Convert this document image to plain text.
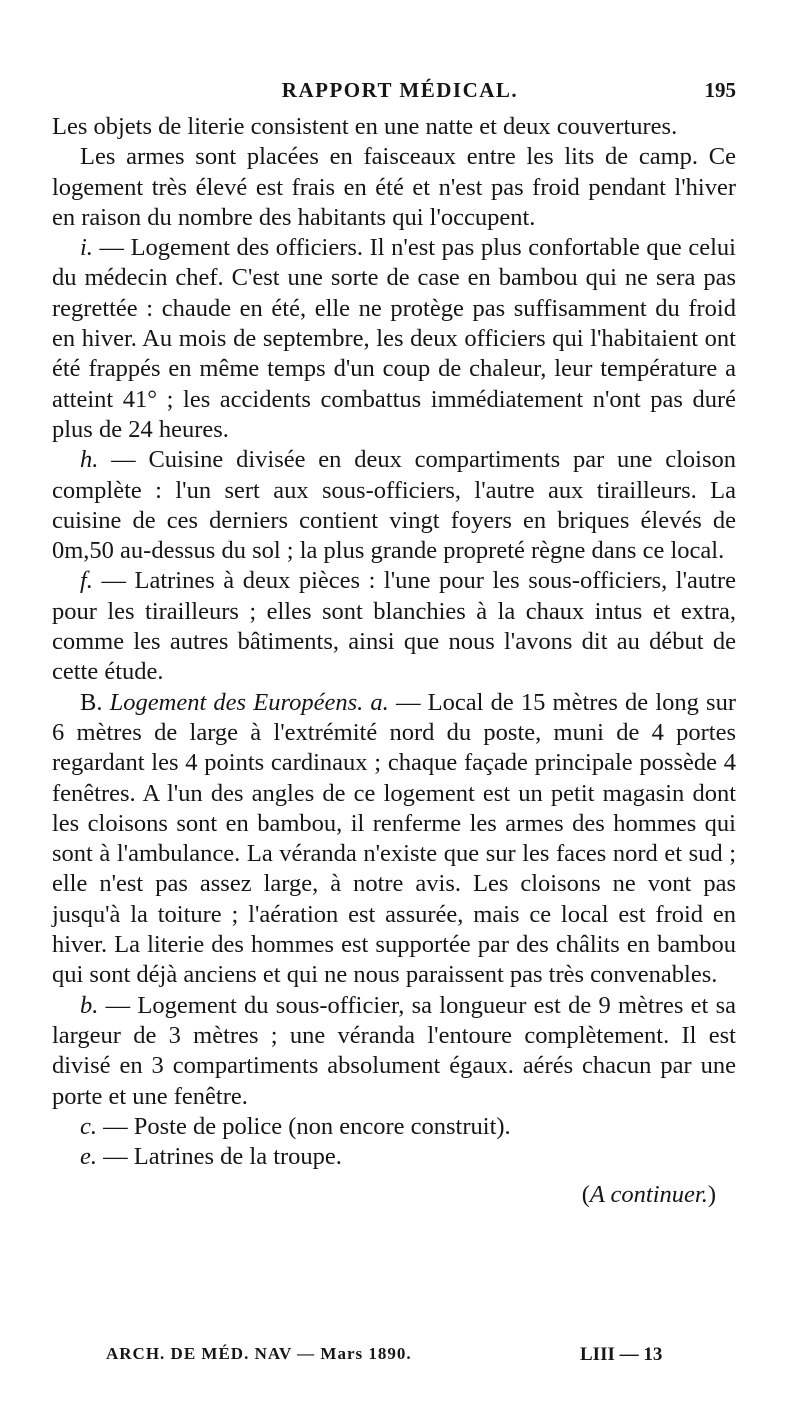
RAPPORT MÉDICAL.	195

Les objets de literie consistent en une natte et deux couvertures.

Les armes sont placées en faisceaux entre les lits de camp. Ce logement très élevé est frais en été et n'est pas froid pendant l'hiver en raison du nombre des habitants qui l'occupent.

i. — Logement des officiers. Il n'est pas plus confortable que celui du médecin chef. C'est une sorte de case en bambou qui ne sera pas regrettée : chaude en été, elle ne protège pas suffisamment du froid en hiver. Au mois de septembre, les deux officiers qui l'habitaient ont été frappés en même temps d'un coup de chaleur, leur température a atteint 41° ; les accidents combattus immédiatement n'ont pas duré plus de 24 heures.

h. — Cuisine divisée en deux compartiments par une cloison complète : l'un sert aux sous-officiers, l'autre aux tirailleurs. La cuisine de ces derniers contient vingt foyers en briques élevés de 0m,50 au-dessus du sol ; la plus grande propreté règne dans ce local.

f. — Latrines à deux pièces : l'une pour les sous-officiers, l'autre pour les tirailleurs ; elles sont blanchies à la chaux intus et extra, comme les autres bâtiments, ainsi que nous l'avons dit au début de cette étude.

B. Logement des Européens. a. — Local de 15 mètres de long sur 6 mètres de large à l'extrémité nord du poste, muni de 4 portes regardant les 4 points cardinaux ; chaque façade principale possède 4 fenêtres. A l'un des angles de ce logement est un petit magasin dont les cloisons sont en bambou, il renferme les armes des hommes qui sont à l'ambulance. La véranda n'existe que sur les faces nord et sud ; elle n'est pas assez large, à notre avis. Les cloisons ne vont pas jusqu'à la toiture ; l'aération est assurée, mais ce local est froid en hiver. La literie des hommes est supportée par des châlits en bambou qui sont déjà anciens et qui ne nous paraissent pas très convenables.

b. — Logement du sous-officier, sa longueur est de 9 mètres et sa largeur de 3 mètres ; une véranda l'entoure complètement. Il est divisé en 3 compartiments absolument égaux. aérés chacun par une porte et une fenêtre.

c. — Poste de police (non encore construit).

e. — Latrines de la troupe.

(A continuer.)
ARCH. DE MÉD. NAV — Mars 1890.	LIII — 13
